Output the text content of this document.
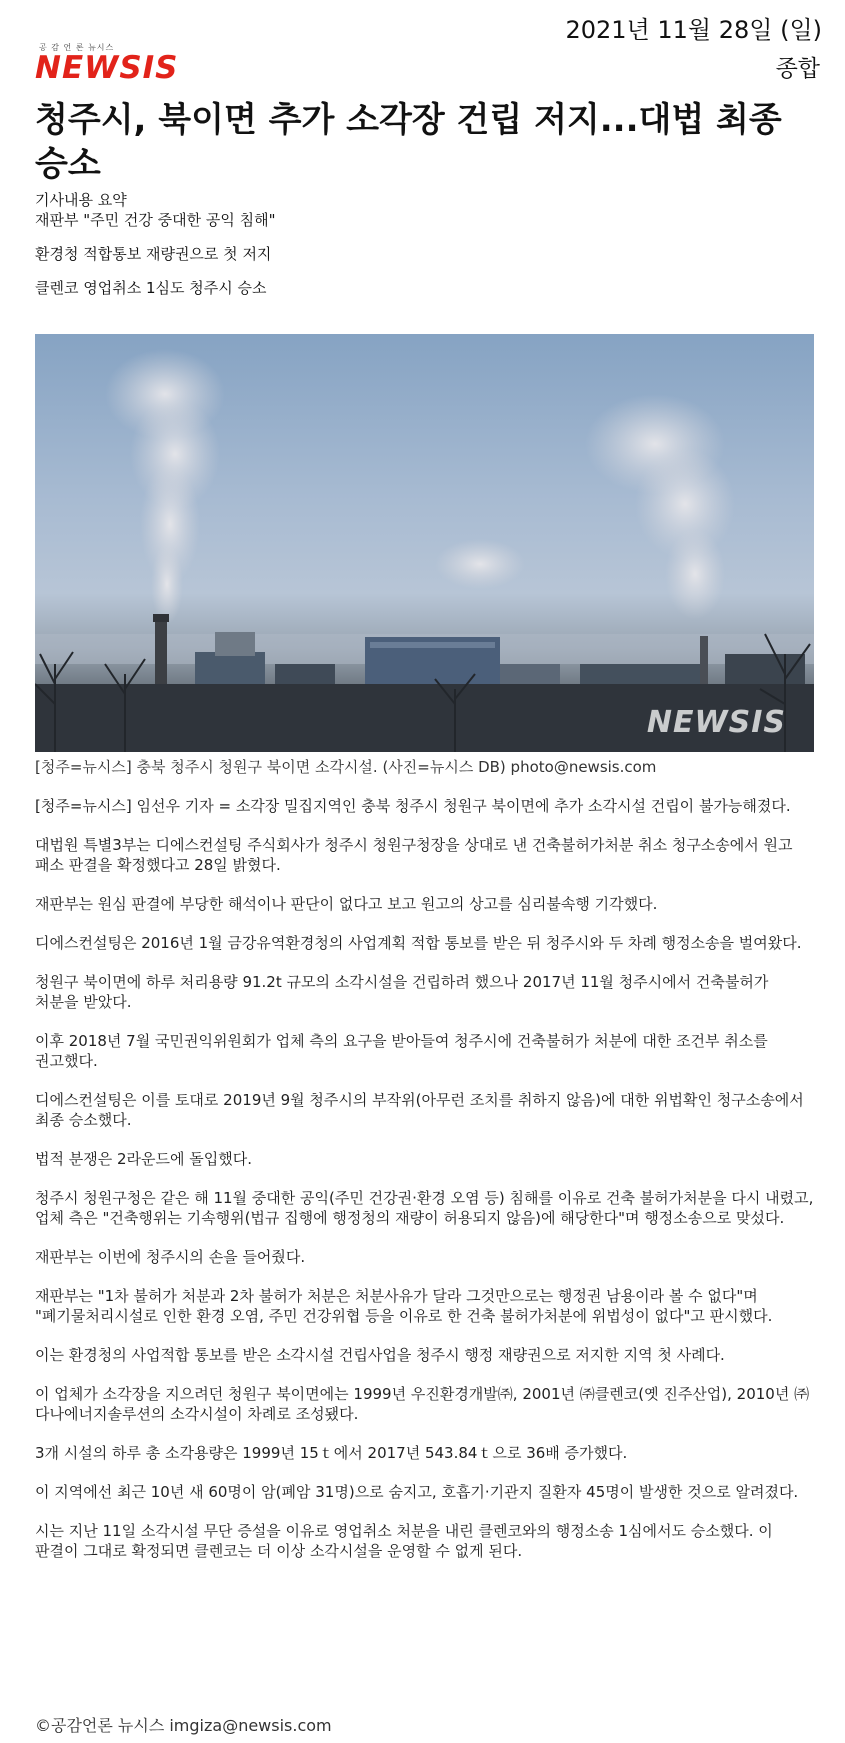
공 감 언 론 뉴시스
NEWSIS
2021년 11월 28일 (일)
종합
청주시, 북이면 추가 소각장 건립 저지...대법 최종 승소

기사내용 요약

재판부 "주민 건강 중대한 공익 침해"

환경청 적합통보 재량권으로 첫 저지

클렌코 영업취소 1심도 청주시 승소

NEWSIS
[청주=뉴시스] 충북 청주시 청원구 북이면 소각시설. (사진=뉴시스 DB) photo@newsis.com

[청주=뉴시스] 임선우 기자 = 소각장 밀집지역인 충북 청주시 청원구 북이면에 추가 소각시설 건립이 불가능해졌다.

대법원 특별3부는 디에스컨설팅 주식회사가 청주시 청원구청장을 상대로 낸 건축불허가처분 취소 청구소송에서 원고 패소 판결을 확정했다고 28일 밝혔다.

재판부는 원심 판결에 부당한 해석이나 판단이 없다고 보고 원고의 상고를 심리불속행 기각했다.

디에스컨설팅은 2016년 1월 금강유역환경청의 사업계획 적합 통보를 받은 뒤 청주시와 두 차례 행정소송을 벌여왔다.

청원구 북이면에 하루 처리용량 91.2t 규모의 소각시설을 건립하려 했으나 2017년 11월 청주시에서 건축불허가 처분을 받았다.

이후 2018년 7월 국민권익위원회가 업체 측의 요구을 받아들여 청주시에 건축불허가 처분에 대한 조건부 취소를 권고했다.

디에스컨설팅은 이를 토대로 2019년 9월 청주시의 부작위(아무런 조치를 취하지 않음)에 대한 위법확인 청구소송에서 최종 승소했다.

법적 분쟁은 2라운드에 돌입했다.

청주시 청원구청은 같은 해 11월 중대한 공익(주민 건강권·환경 오염 등) 침해를 이유로 건축 불허가처분을 다시 내렸고, 업체 측은 "건축행위는 기속행위(법규 집행에 행정청의 재량이 허용되지 않음)에 해당한다"며 행정소송으로 맞섰다.

재판부는 이번에 청주시의 손을 들어줬다.

재판부는 "1차 불허가 처분과 2차 불허가 처분은 처분사유가 달라 그것만으로는 행정권 남용이라 볼 수 없다"며 "폐기물처리시설로 인한 환경 오염, 주민 건강위협 등을 이유로 한 건축 불허가처분에 위법성이 없다"고 판시했다.

이는 환경청의 사업적합 통보를 받은 소각시설 건립사업을 청주시 행정 재량권으로 저지한 지역 첫 사례다.

이 업체가 소각장을 지으려던 청원구 북이면에는 1999년 우진환경개발㈜, 2001년 ㈜클렌코(옛 진주산업), 2010년 ㈜다나에너지솔루션의 소각시설이 차례로 조성됐다.

3개 시설의 하루 총 소각용량은 1999년 15ｔ에서 2017년 543.84ｔ으로 36배 증가했다.

이 지역에선 최근 10년 새 60명이 암(폐암 31명)으로 숨지고, 호흡기·기관지 질환자 45명이 발생한 것으로 알려졌다.

시는 지난 11일 소각시설 무단 증설을 이유로 영업취소 처분을 내린 클렌코와의 행정소송 1심에서도 승소했다. 이 판결이 그대로 확정되면 클렌코는 더 이상 소각시설을 운영할 수 없게 된다.

©공감언론 뉴시스 imgiza@newsis.com
